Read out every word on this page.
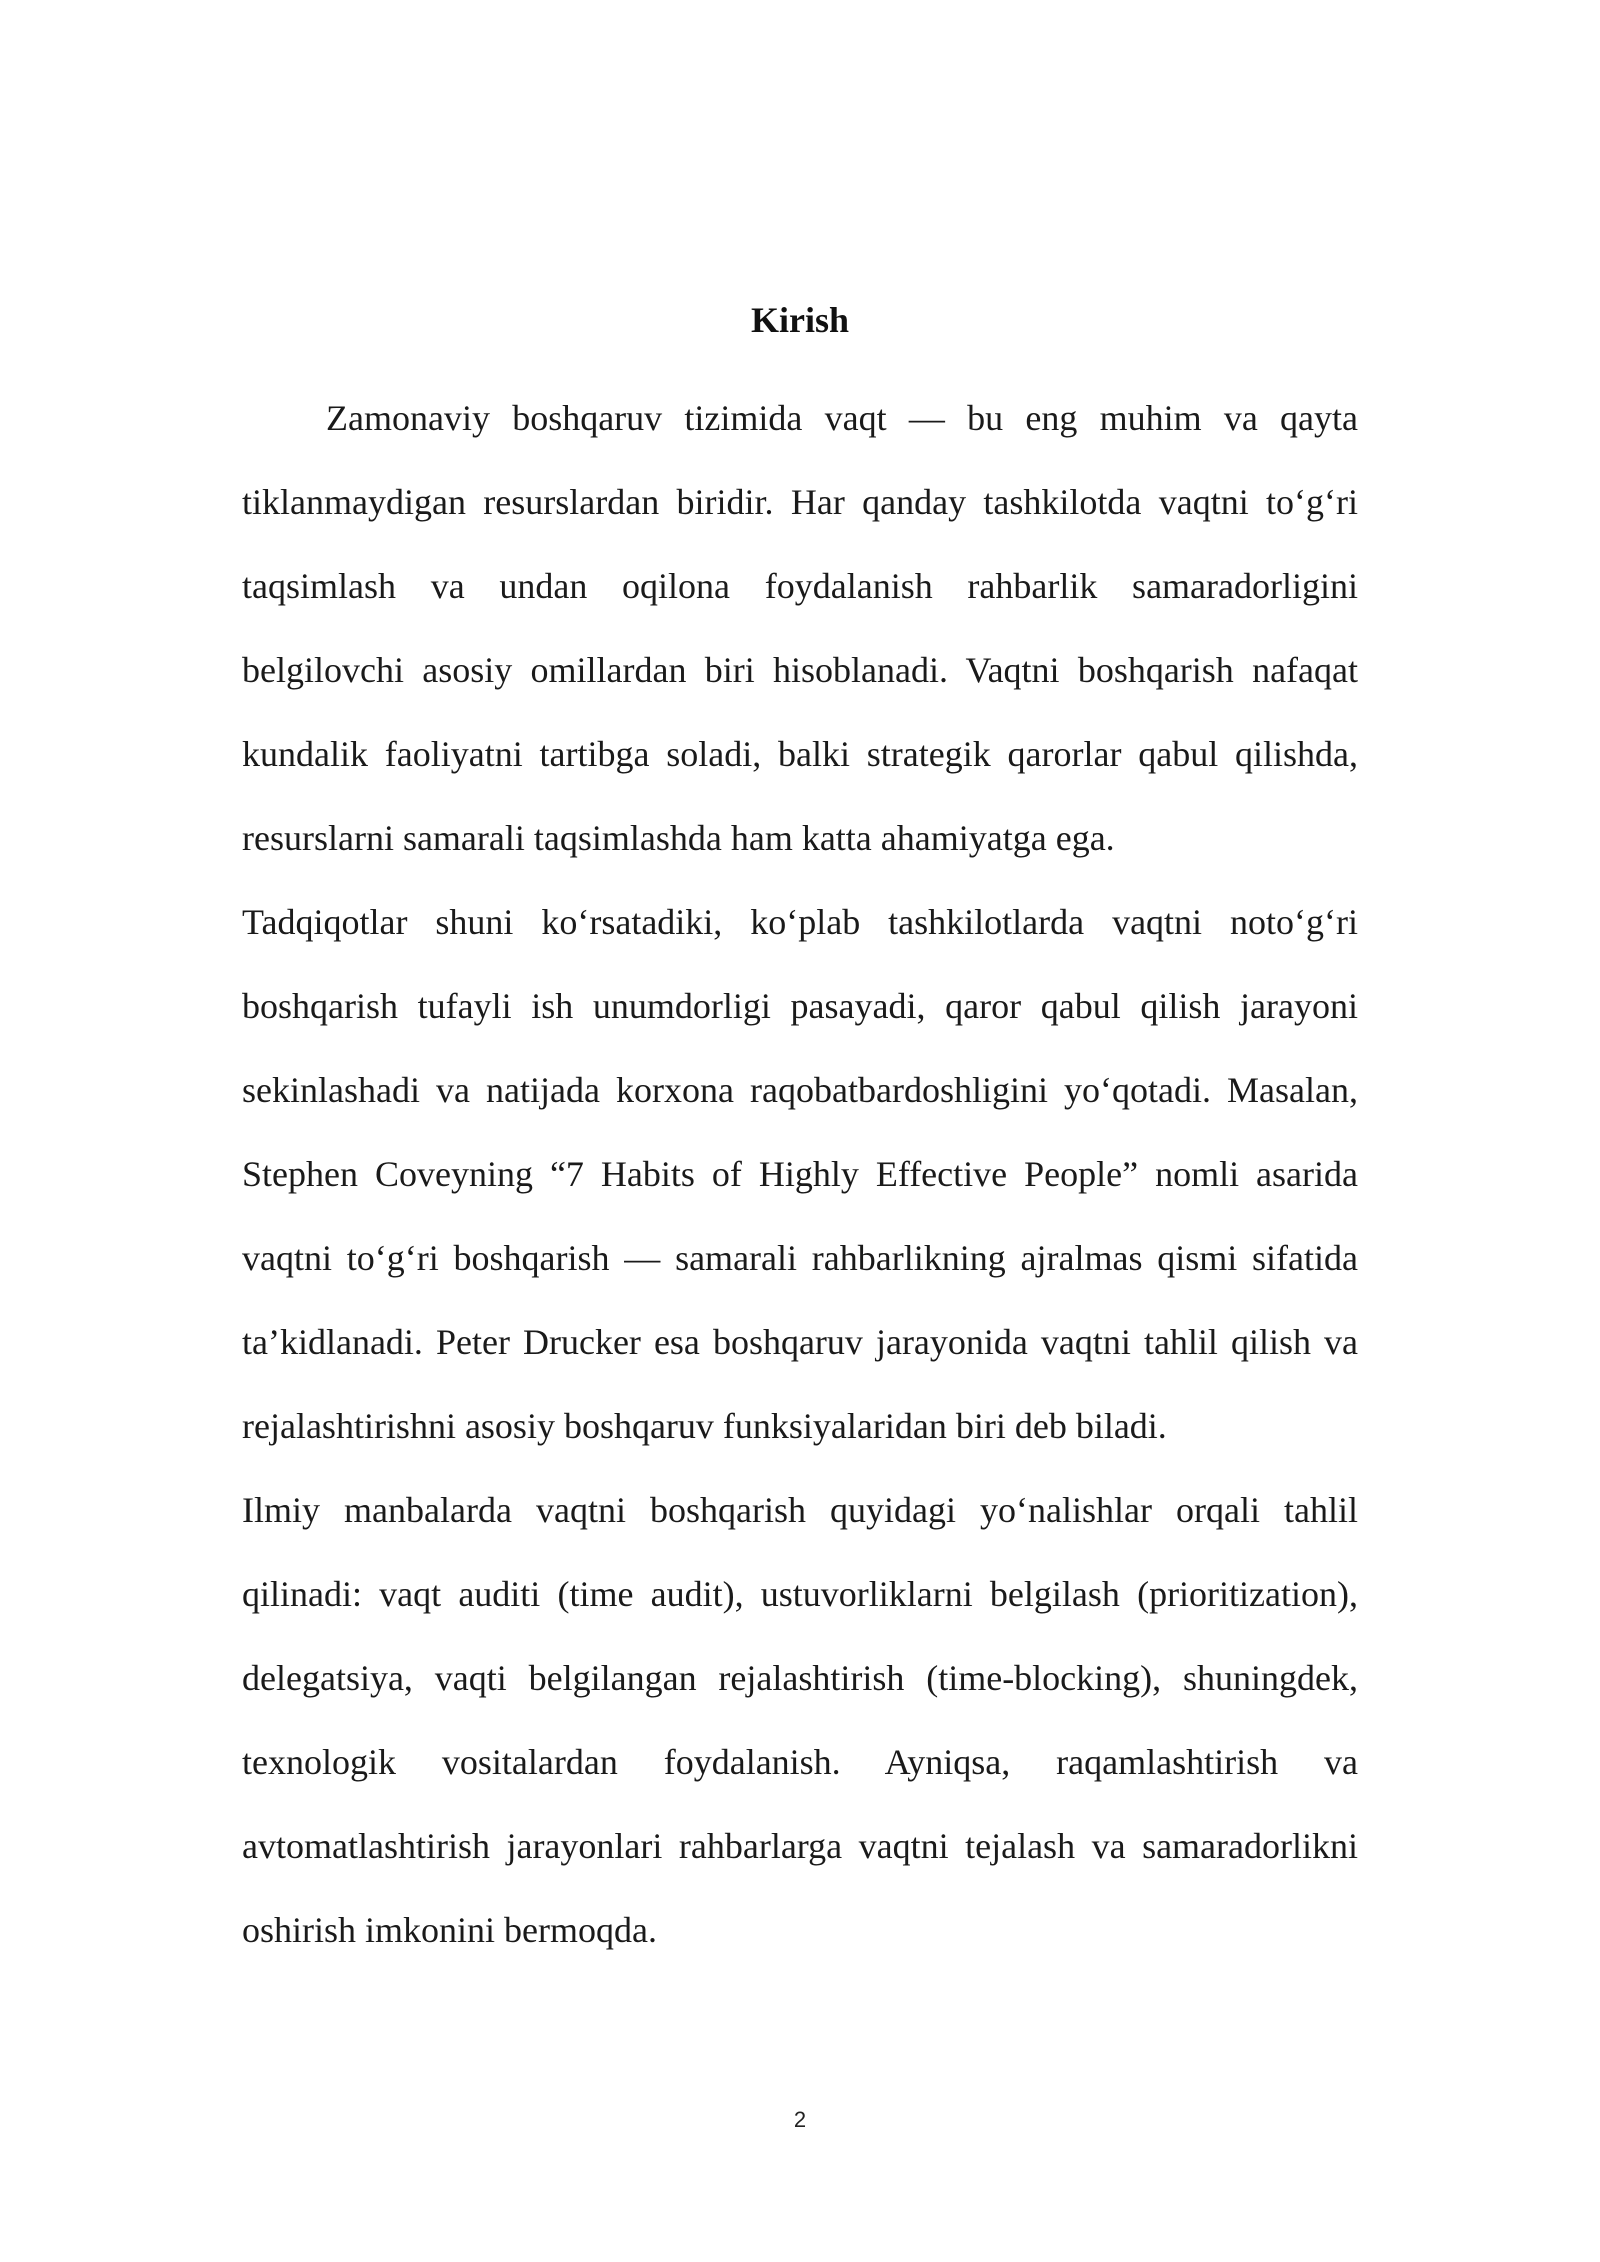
Kirish

Zamonaviy boshqaruv tizimida vaqt — bu eng muhim va qayta tiklanmaydigan resurslardan biridir. Har qanday tashkilotda vaqtni to‘g‘ri taqsimlash va undan oqilona foydalanish rahbarlik samaradorligini belgilovchi asosiy omillardan biri hisoblanadi. Vaqtni boshqarish nafaqat kundalik faoliyatni tartibga soladi, balki strategik qarorlar qabul qilishda, resurslarni samarali taqsimlashda ham katta ahamiyatga ega.

Tadqiqotlar shuni ko‘rsatadiki, ko‘plab tashkilotlarda vaqtni noto‘g‘ri boshqarish tufayli ish unumdorligi pasayadi, qaror qabul qilish jarayoni sekinlashadi va natijada korxona raqobatbardoshligini yo‘qotadi. Masalan, Stephen Coveyning “7 Habits of Highly Effective People” nomli asarida vaqtni to‘g‘ri boshqarish — samarali rahbarlikning ajralmas qismi sifatida ta’kidlanadi. Peter Drucker esa boshqaruv jarayonida vaqtni tahlil qilish va rejalashtirishni asosiy boshqaruv funksiyalaridan biri deb biladi.

Ilmiy manbalarda vaqtni boshqarish quyidagi yo‘nalishlar orqali tahlil qilinadi: vaqt auditi (time audit), ustuvorliklarni belgilash (prioritization), delegatsiya, vaqti belgilangan rejalashtirish (time-blocking), shuningdek, texnologik vositalardan foydalanish. Ayniqsa, raqamlashtirish va avtomatlashtirish jarayonlari rahbarlarga vaqtni tejalash va samaradorlikni oshirish imkonini bermoqda.

2
